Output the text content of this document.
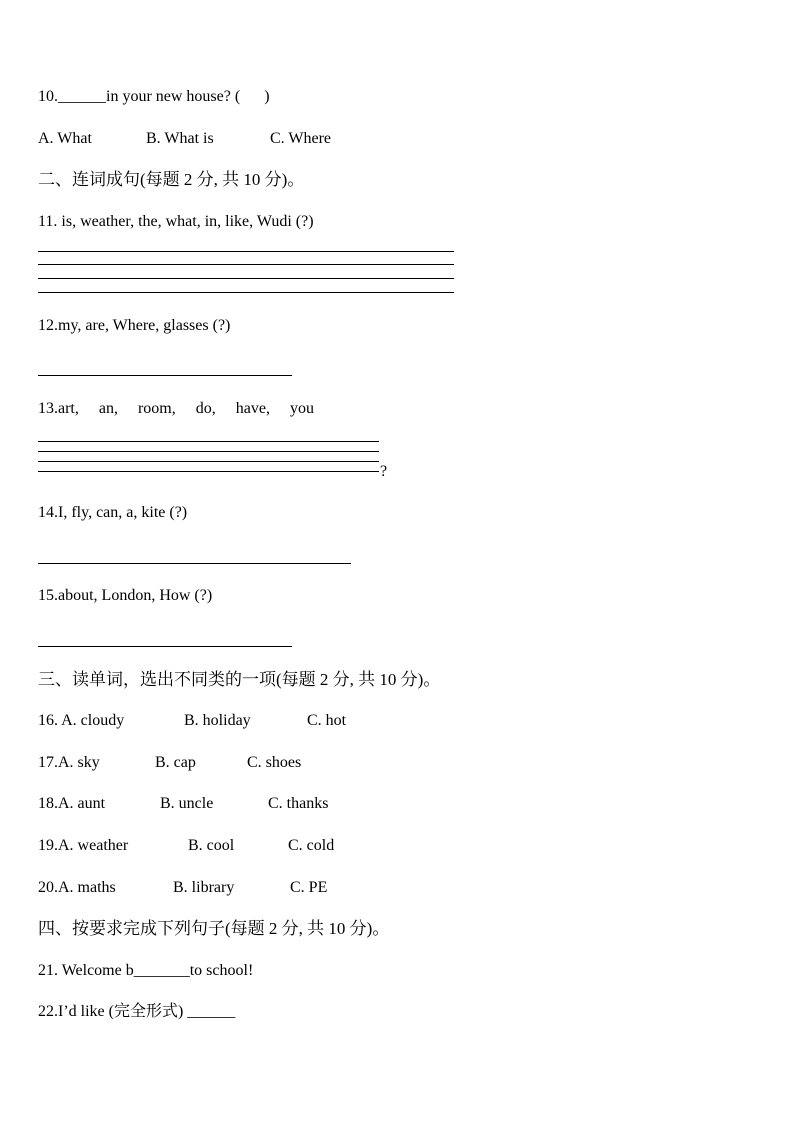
10.______in your new house? (      )
A. What	B. What is	C. Where
二、连词成句(每题 2 分, 共 10 分)。
11. is, weather, the, what, in, like, Wudi (?)
12.my, are, Where, glasses (?)
13.art,     an,     room,     do,     have,     you
?
14.I, fly, can, a, kite (?)
15.about, London, How (?)
三、读单词，选出不同类的一项(每题 2 分, 共 10 分)。
16. A. cloudy	B. holiday	C. hot
17.A. sky	B. cap	C. shoes
18.A. aunt	B. uncle	C. thanks
19.A. weather	B. cool	C. cold
20.A. maths	B. library	C. PE
四、按要求完成下列句子(每题 2 分, 共 10 分)。
21. Welcome b_______to school!
22.I’d like (完全形式) ______
